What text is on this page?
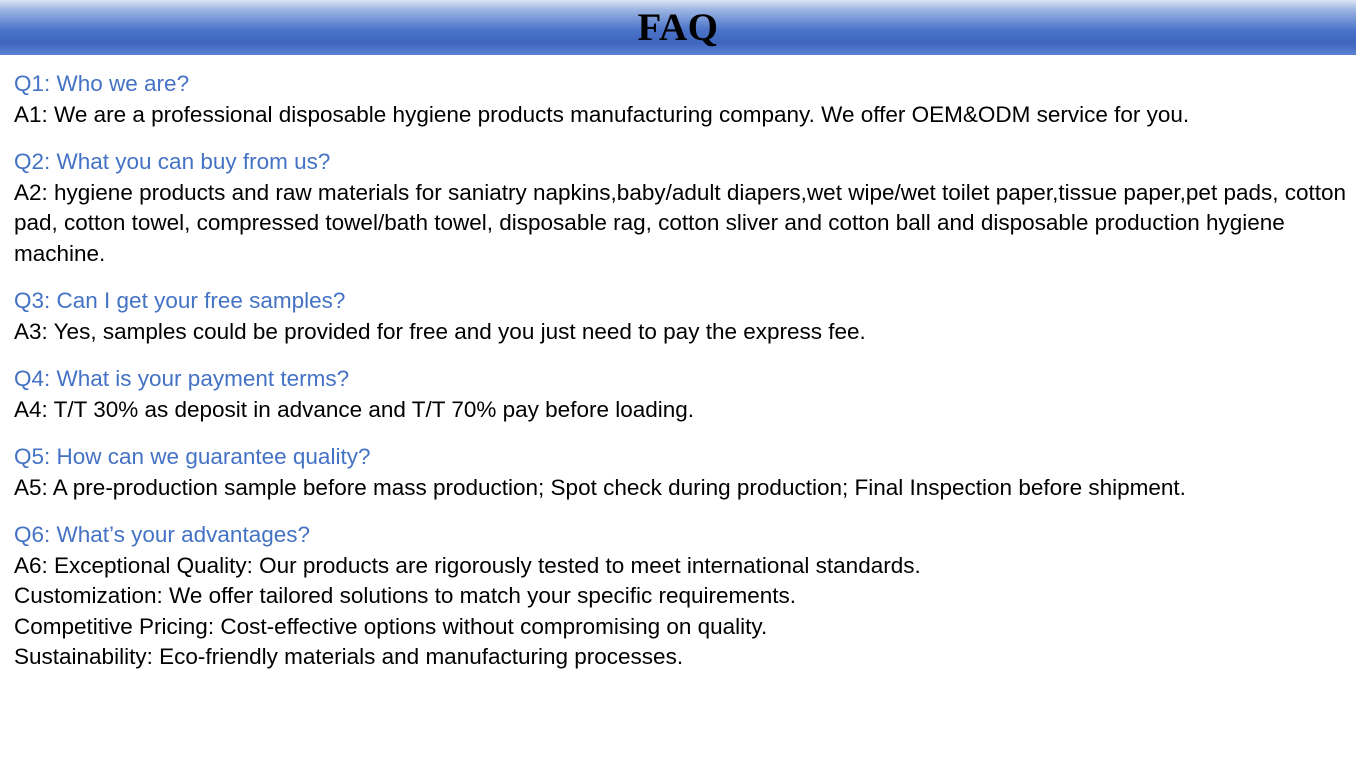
FAQ
Q1: Who we are?
A1: We are a professional disposable hygiene products manufacturing company. We offer OEM&ODM service for you.
Q2: What you can buy from us?
A2: hygiene products and raw materials for saniatry napkins,baby/adult diapers,wet wipe/wet toilet paper,tissue paper,pet pads, cotton pad, cotton towel, compressed towel/bath towel, disposable rag, cotton sliver and cotton ball and disposable production hygiene machine.
Q3: Can I get your free samples?
A3: Yes, samples could be provided for free and you just need to pay the express fee.
Q4: What is your payment terms?
A4: T/T 30% as deposit in advance and T/T 70% pay before loading.
Q5: How can we guarantee quality?
A5: A pre-production sample before mass production; Spot check during production; Final Inspection before shipment.
Q6: What’s your advantages?
A6: Exceptional Quality: Our products are rigorously tested to meet international standards.
Customization: We offer tailored solutions to match your specific requirements.
Competitive Pricing: Cost-effective options without compromising on quality.
Sustainability: Eco-friendly materials and manufacturing processes.
